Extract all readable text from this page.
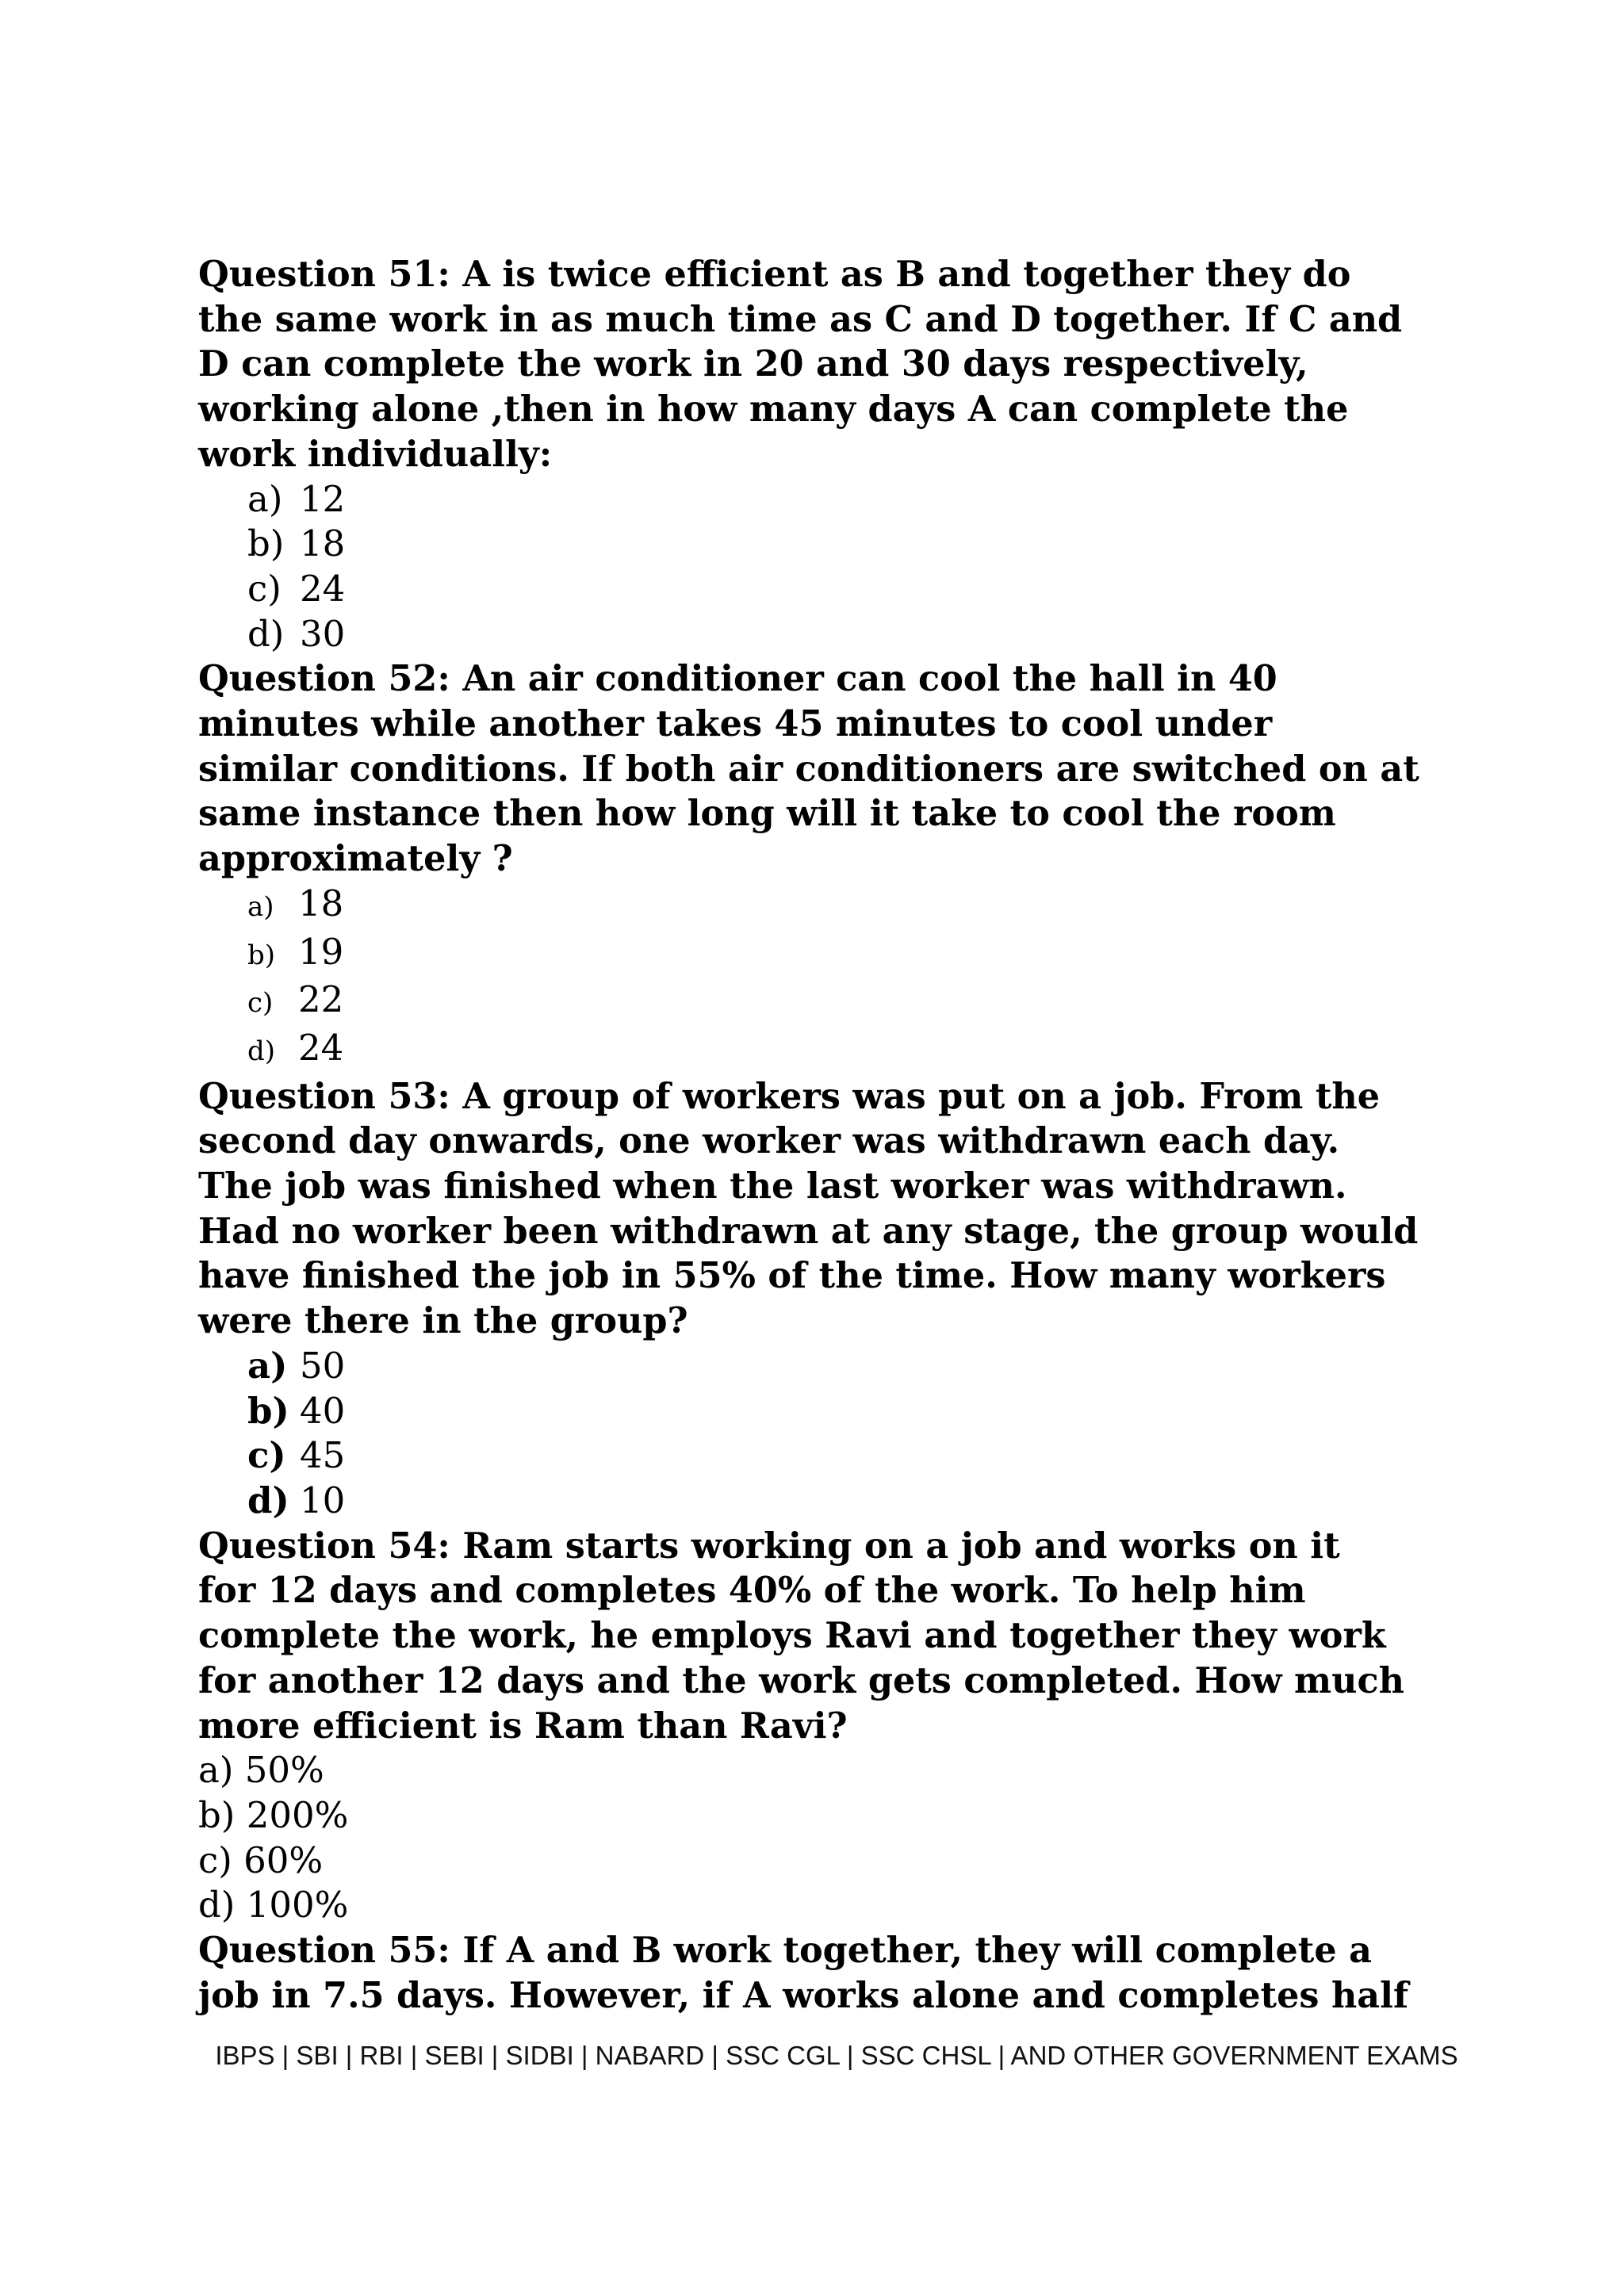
Question 51: A is twice efficient as B and together they do
the same work in as much time as C and D together. If C and
D can complete the work in 20 and 30 days respectively,
working alone ,then in how many days A can complete the
work individually:
a) 12
b) 18
c) 24
d) 30
Question 52: An air conditioner can cool the hall in 40
minutes while another takes 45 minutes to cool under
similar conditions. If both air conditioners are switched on at
same instance then how long will it take to cool the room
approximately ?
a) 18
b) 19
c) 22
d) 24
Question 53: A group of workers was put on a job. From the
second day onwards, one worker was withdrawn each day.
The job was finished when the last worker was withdrawn.
Had no worker been withdrawn at any stage, the group would
have finished the job in 55% of the time. How many workers
were there in the group?
a) 50
b) 40
c) 45
d) 10
Question 54: Ram starts working on a job and works on it
for 12 days and completes 40% of the work. To help him
complete the work, he employs Ravi and together they work
for another 12 days and the work gets completed. How much
more efficient is Ram than Ravi?
a) 50%
b) 200%
c) 60%
d) 100%
Question 55: If A and B work together, they will complete a
job in 7.5 days. However, if A works alone and completes half
IBPS | SBI | RBI | SEBI | SIDBI | NABARD | SSC CGL | SSC CHSL | AND OTHER GOVERNMENT EXAMS
